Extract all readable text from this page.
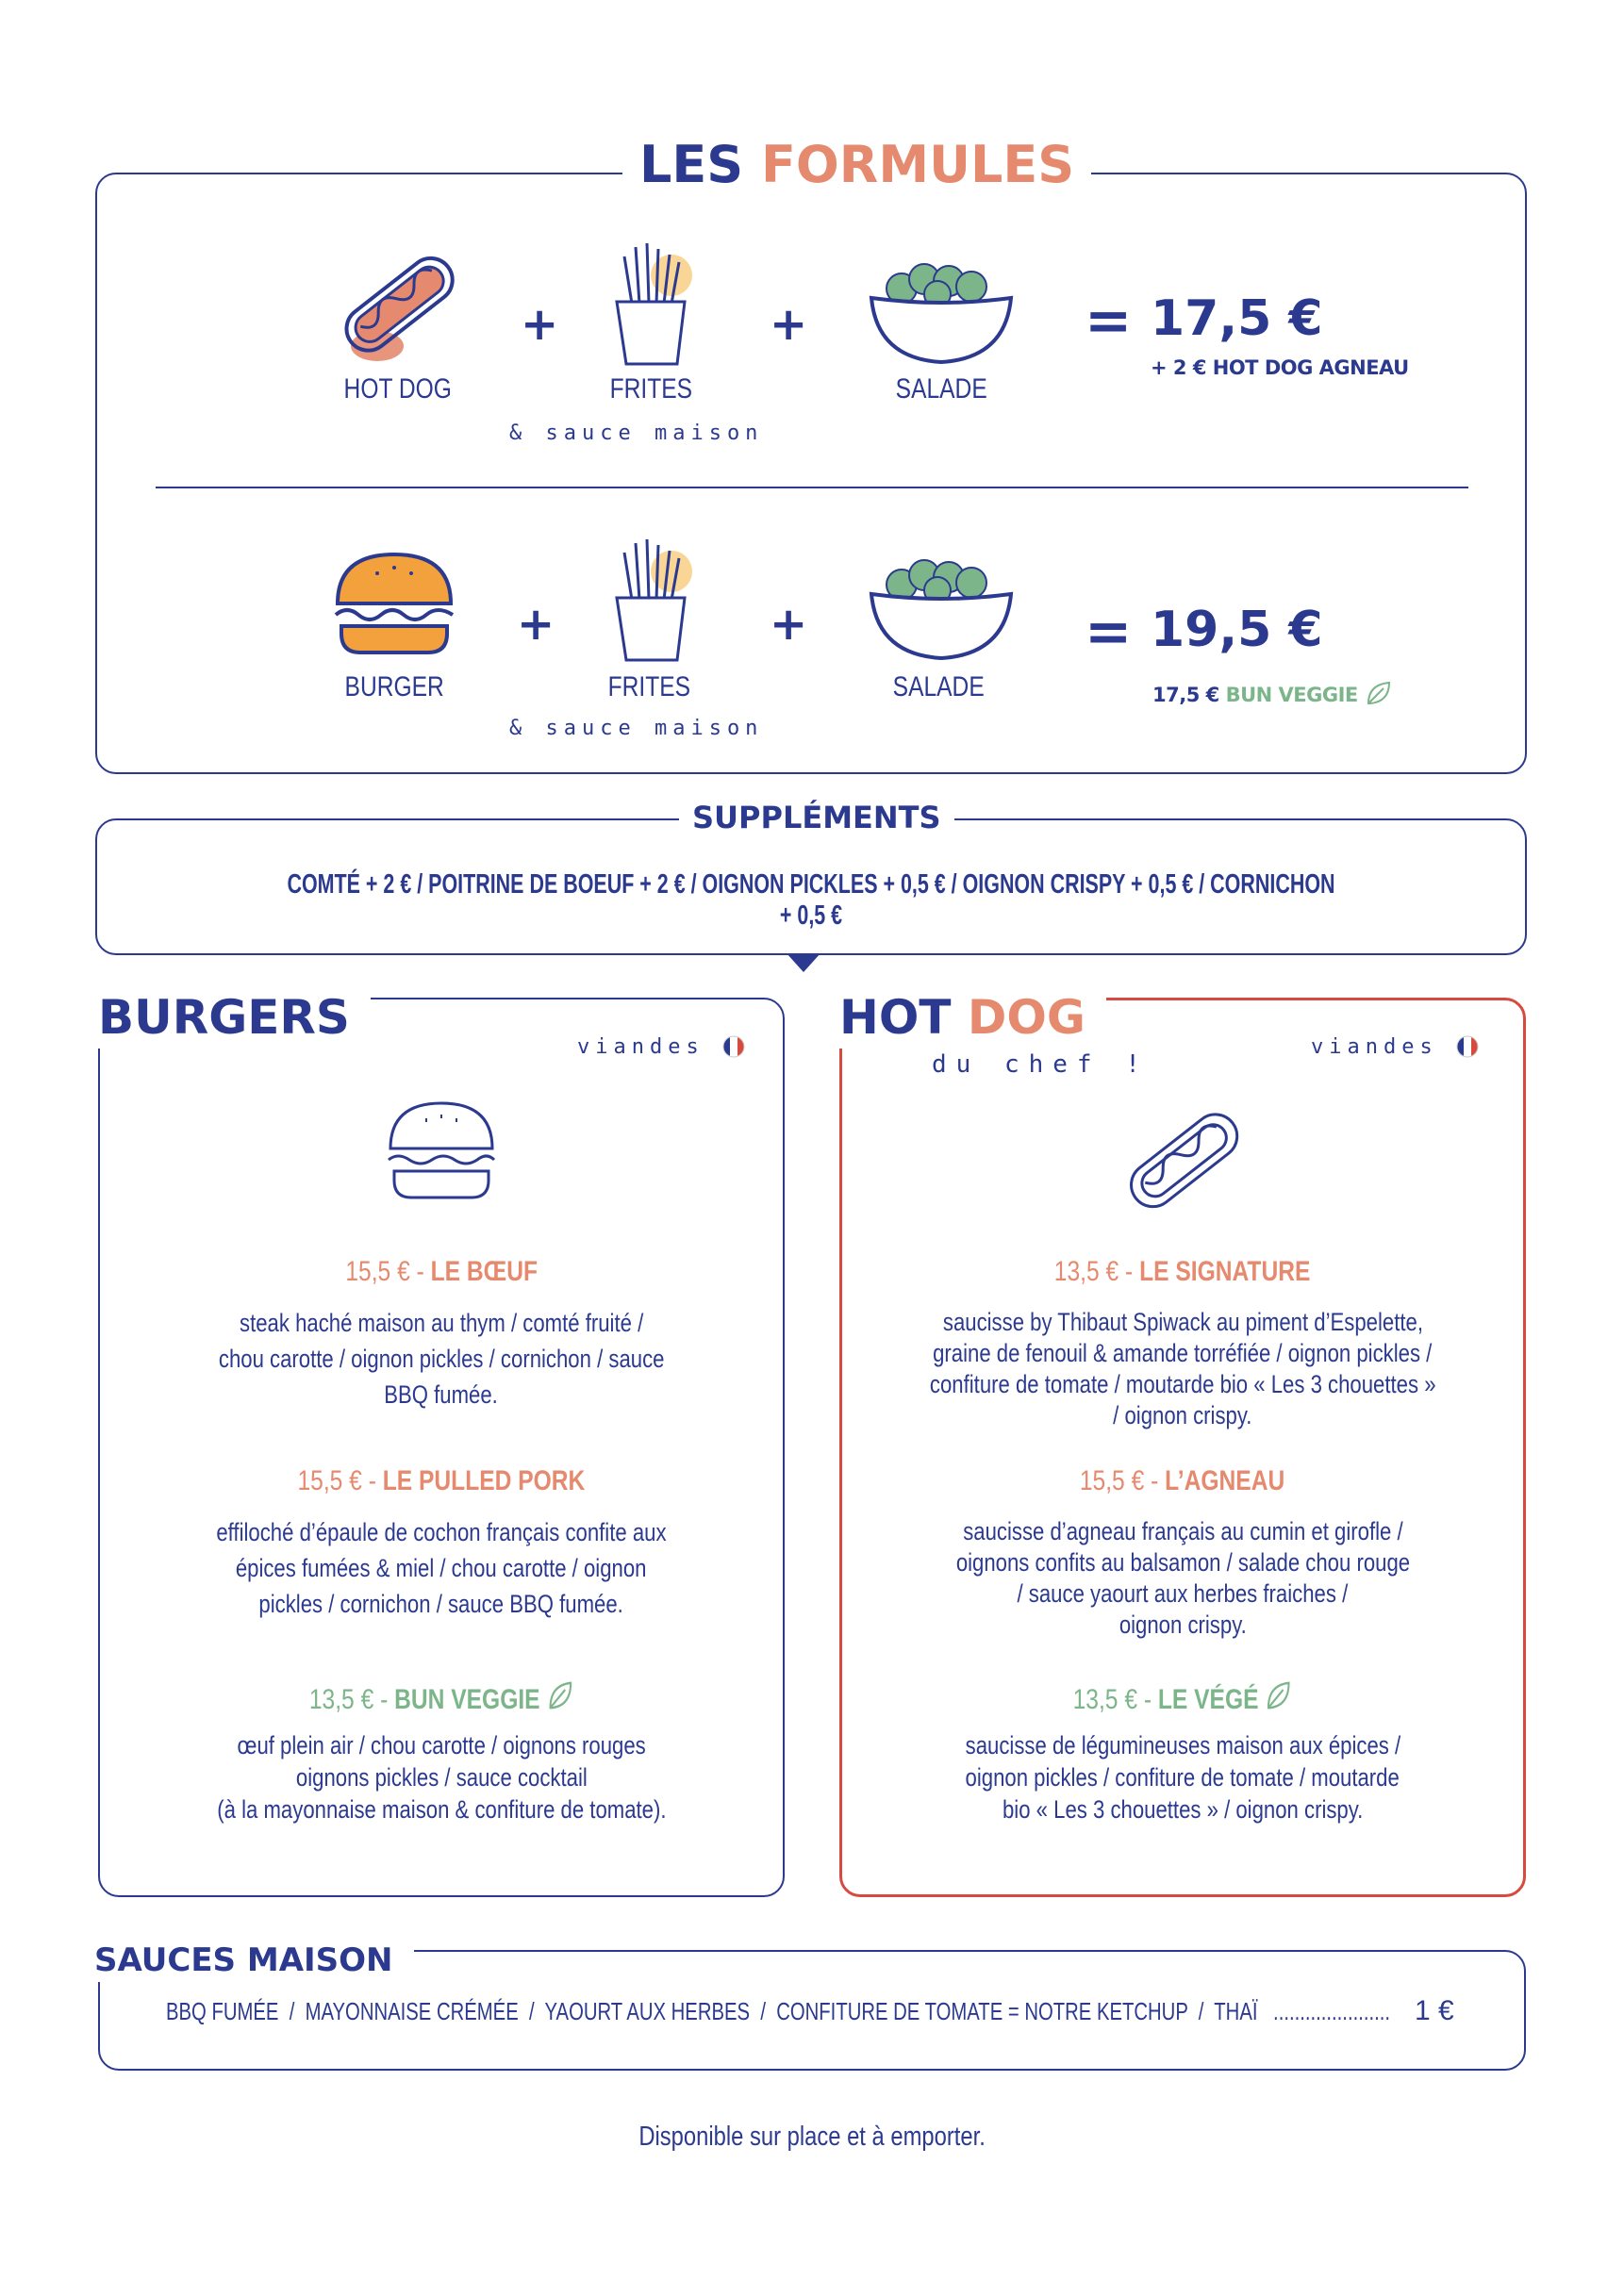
LES FORMULES
HOT DOG	FRITES
& sauce maison
SALADE
+	+	= 17,5 €
+ 2 € HOT DOG AGNEAU
BURGER	FRITES
& sauce maison
SALADE
+	+	= 19,5 €
17,5 € BUN VEGGIE
SUPPLÉMENTS
COMTÉ + 2 € / POITRINE DE BOEUF + 2 € / OIGNON PICKLES + 0,5 € / OIGNON CRISPY + 0,5 € / CORNICHON + 0,5 €
BURGERS
viandes
15,5 € - LE BŒUF
steak haché maison au thym / comté fruité /
chou carotte / oignon pickles / cornichon / sauce
BBQ fumée.
15,5 € - LE PULLED PORK
effiloché d’épaule de cochon français confite aux
épices fumées & miel / chou carotte / oignon
pickles / cornichon / sauce BBQ fumée.
13,5 € - BUN VEGGIE
œuf plein air / chou carotte / oignons rouges
oignons pickles / sauce cocktail
(à la mayonnaise maison & confiture de tomate).
HOT DOG
du chef !
viandes
13,5 € - LE SIGNATURE
saucisse by Thibaut Spiwack au piment d’Espelette,
graine de fenouil & amande torréfiée / oignon pickles /
confiture de tomate / moutarde bio « Les 3 chouettes »
/ oignon crispy.
15,5 € - L’AGNEAU
saucisse d’agneau français au cumin et girofle /
oignons confits au balsamon / salade chou rouge
/ sauce yaourt aux herbes fraiches /
oignon crispy.
13,5 € - LE VÉGÉ
saucisse de légumineuses maison aux épices /
oignon pickles / confiture de tomate / moutarde
bio « Les 3 chouettes » / oignon crispy.
SAUCES MAISON
BBQ FUMÉE  /  MAYONNAISE CRÉMÉE  /  YAOURT AUX HERBES  /  CONFITURE DE TOMATE = NOTRE KETCHUP  /  THAÏ ...................... 1 €
Disponible sur place et à emporter.
